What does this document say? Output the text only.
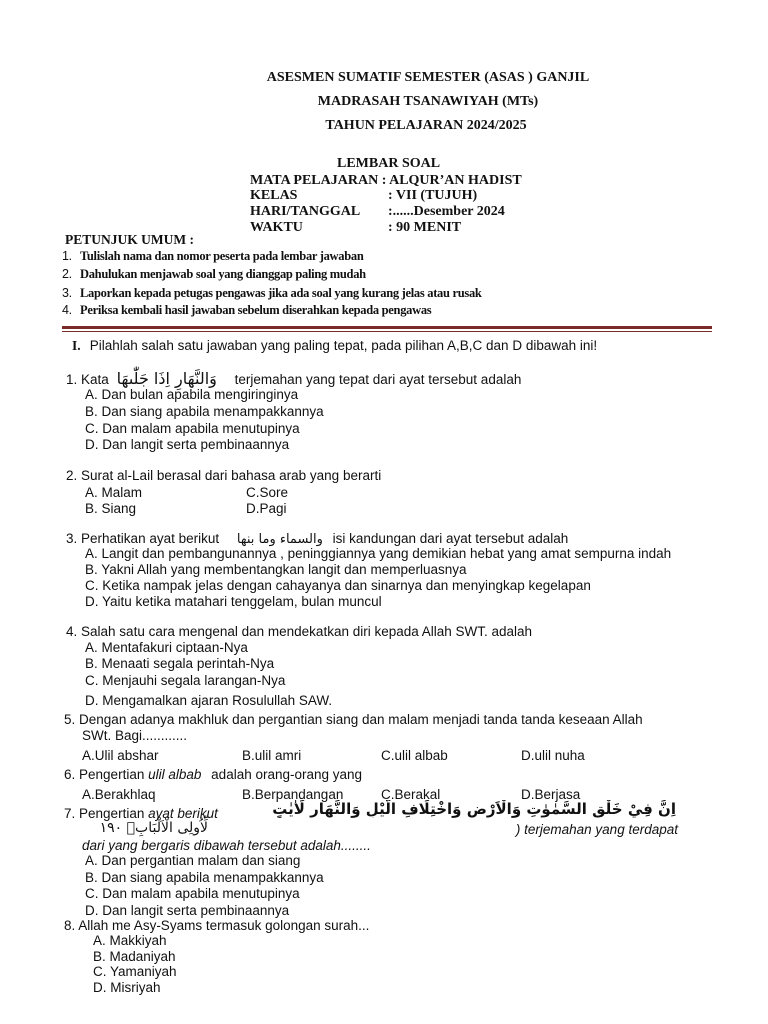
ASESMEN SUMATIF SEMESTER (ASAS ) GANJIL
MADRASAH TSANAWIYAH (MTs)
TAHUN PELAJARAN 2024/2025
LEMBAR SOAL
MATA PELAJARAN : ALQUR’AN HADIST
KELAS	: VII (TUJUH)
HARI/TANGGAL :......Desember 2024
WAKTU	: 90 MENIT
PETUNJUK UMUM :
1. Tulislah nama dan nomor peserta pada lembar jawaban
2. Dahulukan menjawab soal yang dianggap paling mudah
3. Laporkan kepada petugas pengawas jika ada soal yang kurang jelas atau rusak
4. Periksa kembali hasil jawaban sebelum diserahkan kepada pengawas
I. Pilahlah salah satu jawaban yang paling tepat, pada pilihan A,B,C dan D dibawah ini!
1. Kata وَالنَّهَارِ اِذَا جَلّٰىهَا terjemahan yang tepat dari ayat tersebut adalah
A. Dan bulan apabila mengiringinya
B. Dan siang apabila menampakkannya
C. Dan malam apabila menutupinya
D. Dan langit serta pembinaannya
2. Surat al-Lail berasal dari bahasa arab yang berarti
A. Malam	C.Sore
B. Siang	D.Pagi
3. Perhatikan ayat berikut والسماء وما بنها isi kandungan dari ayat tersebut adalah
A. Langit dan pembangunannya , peninggiannya yang demikian hebat yang amat sempurna indah
B. Yakni Allah yang membentangkan langit dan memperluasnya
C. Ketika nampak jelas dengan cahayanya dan sinarnya dan menyingkap kegelapan
D. Yaitu ketika matahari tenggelam, bulan muncul
4. Salah satu cara mengenal dan mendekatkan diri kepada Allah SWT. adalah
A. Mentafakuri ciptaan-Nya
B. Menaati segala perintah-Nya
C. Menjauhi segala larangan-Nya
D. Mengamalkan ajaran Rosulullah SAW.
5. Dengan adanya makhluk dan pergantian siang dan malam menjadi tanda tanda keseaan Allah
SWt. Bagi............
A.Ulil abshar	B.ulil amri	C.ulil albab	D.ulil nuha
6. Pengertian ulil albab adalah orang-orang yang
A.Berakhlaq	B.Berpandangan	C.Berakal	D.Berjasa
7. Pengertian ayat berikut	اِنَّ فِيْ خَلْقِ السَّمٰوٰتِ وَالْاَرْضِ وَاخْتِلَافِ الَّيْلِ وَالنَّهَارِ لَاٰيٰتٍ
لِّاُولِى الْاَلْبَابِۙ ١٩٠	) terjemahan yang terdapat
dari yang bergaris dibawah tersebut adalah........
A. Dan pergantian malam dan siang
B. Dan siang apabila menampakkannya
C. Dan malam apabila menutupinya
D. Dan langit serta pembinaannya
8. Allah me Asy-Syams termasuk golongan surah...
A. Makkiyah
B. Madaniyah
C. Yamaniyah
D. Misriyah
